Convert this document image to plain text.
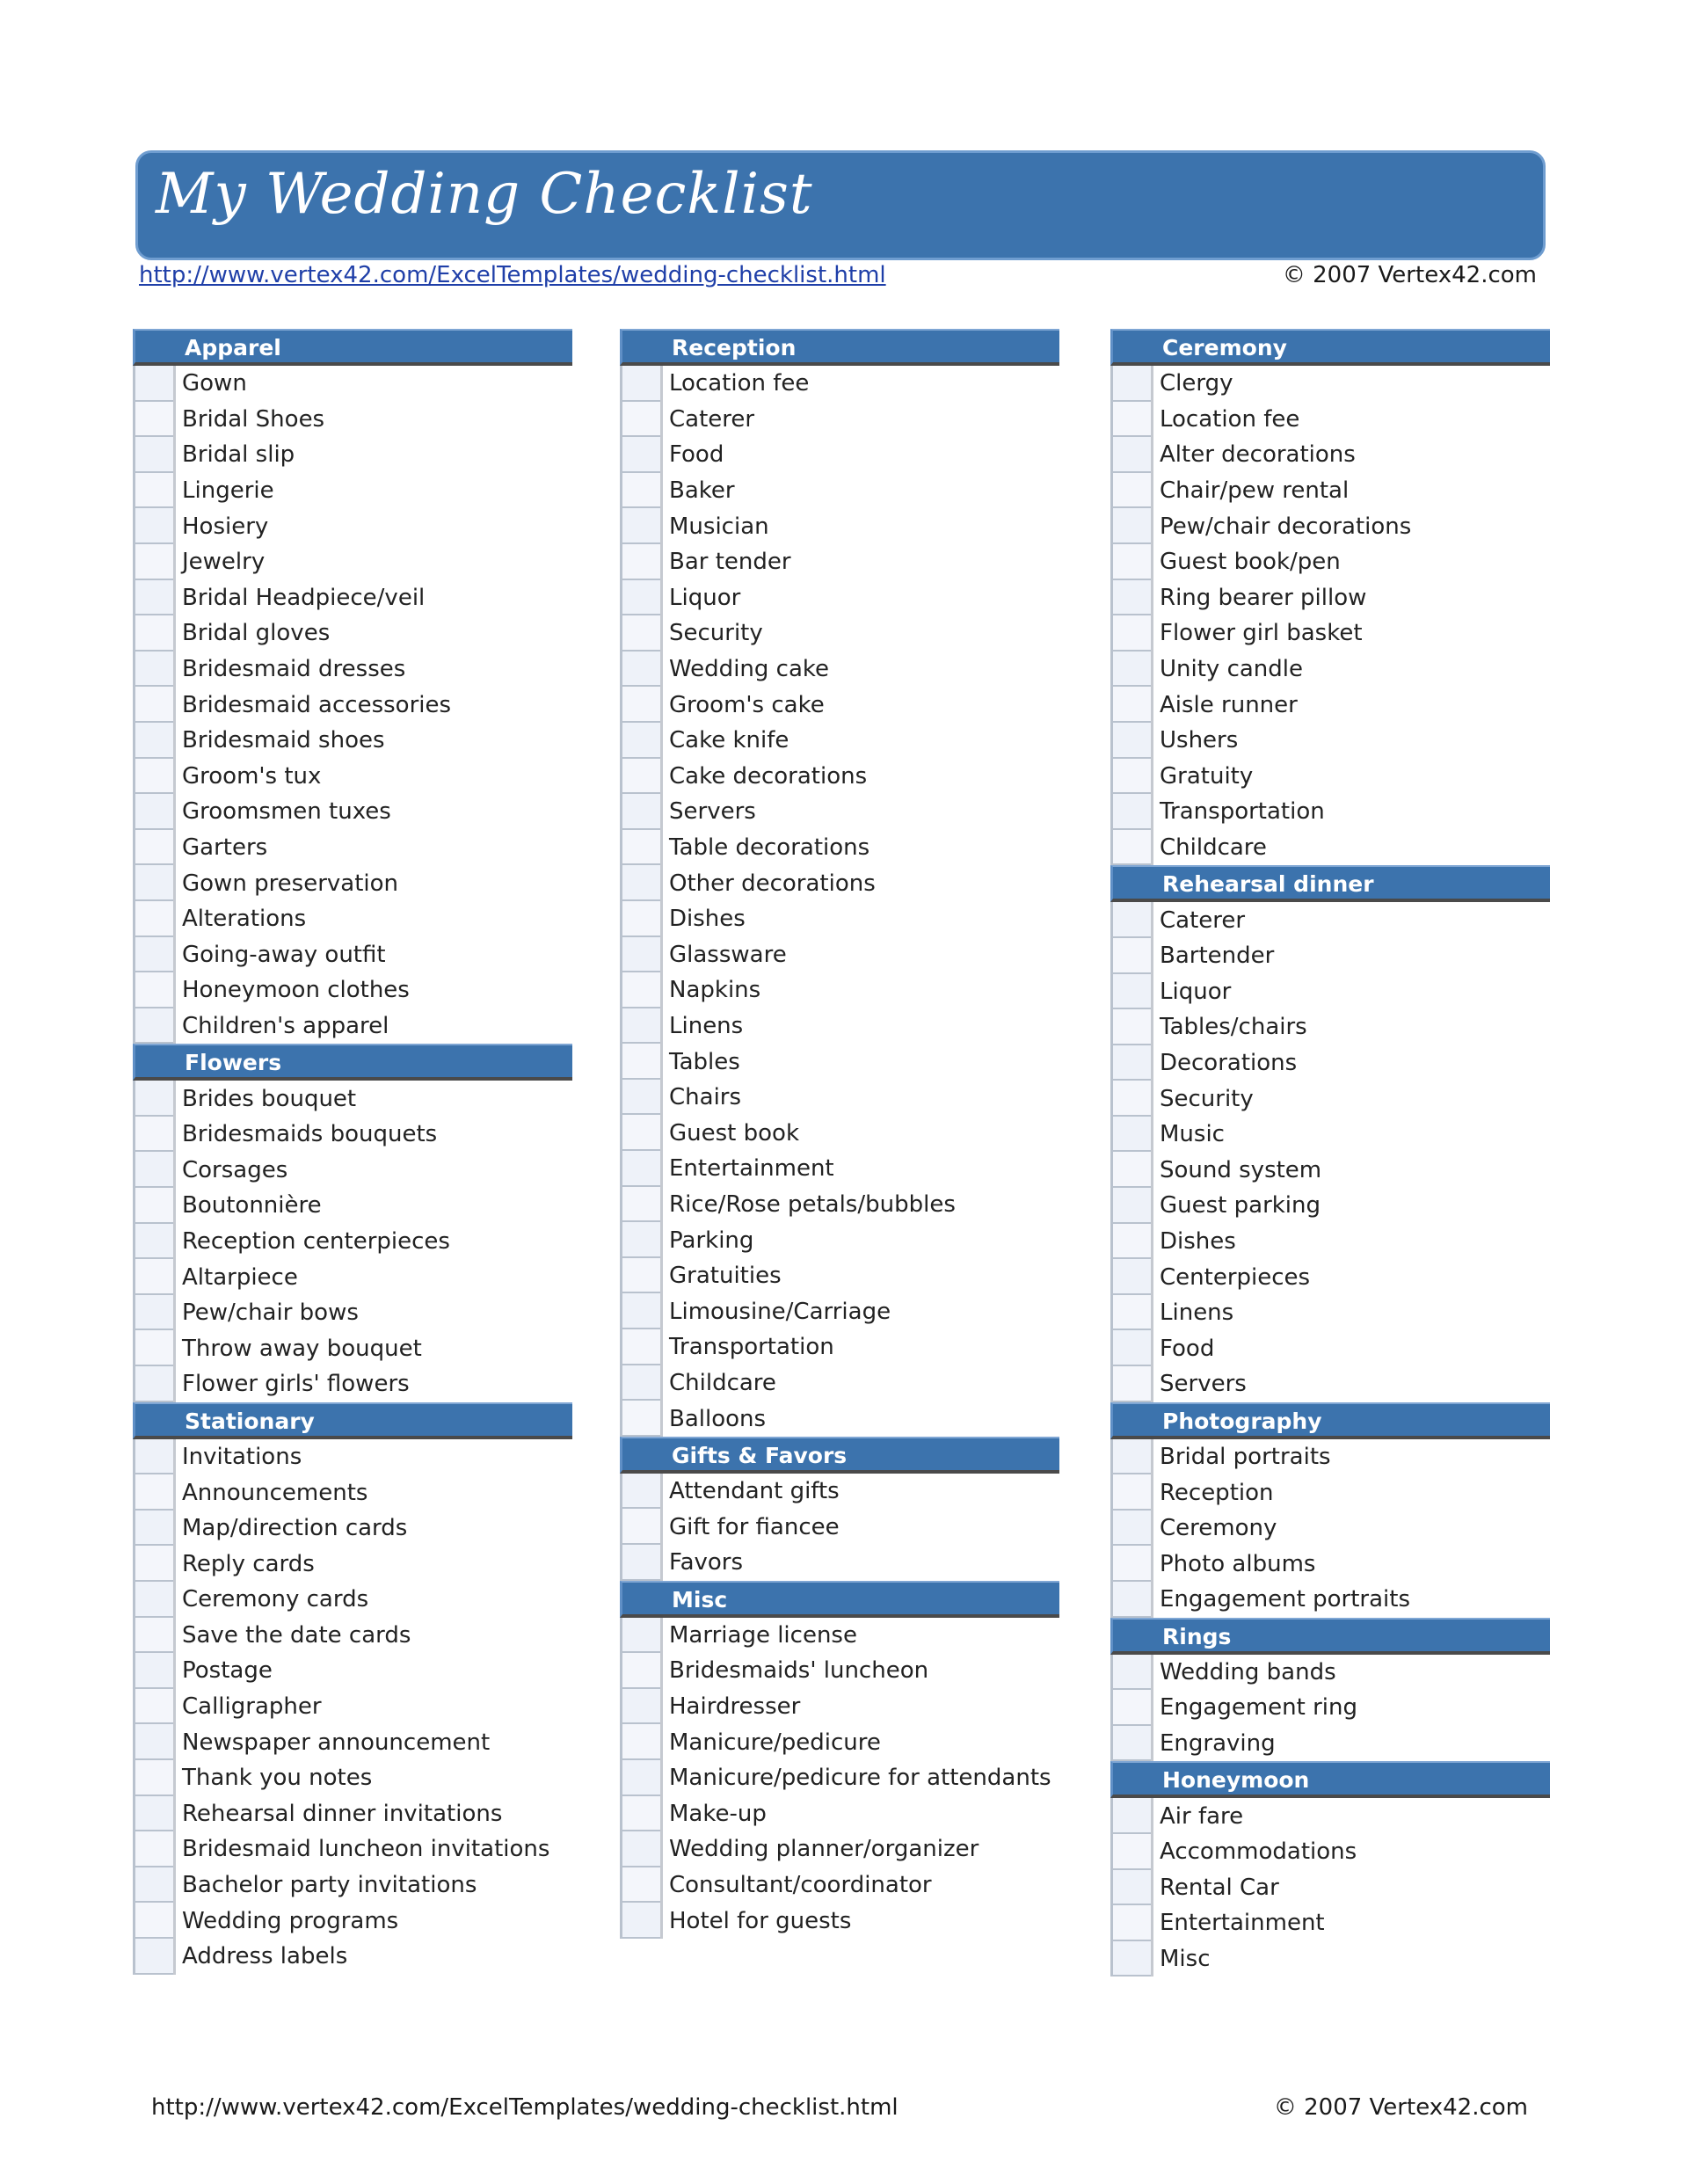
My Wedding Checklist
http://www.vertex42.com/ExcelTemplates/wedding-checklist.html	© 2007 Vertex42.com
Apparel
Gown
Bridal Shoes
Bridal slip
Lingerie
Hosiery
Jewelry
Bridal Headpiece/veil
Bridal gloves
Bridesmaid dresses
Bridesmaid accessories
Bridesmaid shoes
Groom's tux
Groomsmen tuxes
Garters
Gown preservation
Alterations
Going-away outfit
Honeymoon clothes
Children's apparel
Flowers
Brides bouquet
Bridesmaids bouquets
Corsages
Boutonnière
Reception centerpieces
Altarpiece
Pew/chair bows
Throw away bouquet
Flower girls' flowers
Stationary
Invitations
Announcements
Map/direction cards
Reply cards
Ceremony cards
Save the date cards
Postage
Calligrapher
Newspaper announcement
Thank you notes
Rehearsal dinner invitations
Bridesmaid luncheon invitations
Bachelor party invitations
Wedding programs
Address labels
Reception
Location fee
Caterer
Food
Baker
Musician
Bar tender
Liquor
Security
Wedding cake
Groom's cake
Cake knife
Cake decorations
Servers
Table decorations
Other decorations
Dishes
Glassware
Napkins
Linens
Tables
Chairs
Guest book
Entertainment
Rice/Rose petals/bubbles
Parking
Gratuities
Limousine/Carriage
Transportation
Childcare
Balloons
Gifts & Favors
Attendant gifts
Gift for fiancee
Favors
Misc
Marriage license
Bridesmaids' luncheon
Hairdresser
Manicure/pedicure
Manicure/pedicure for attendants
Make-up
Wedding planner/organizer
Consultant/coordinator
Hotel for guests
Ceremony
Clergy
Location fee
Alter decorations
Chair/pew rental
Pew/chair decorations
Guest book/pen
Ring bearer pillow
Flower girl basket
Unity candle
Aisle runner
Ushers
Gratuity
Transportation
Childcare
Rehearsal dinner
Caterer
Bartender
Liquor
Tables/chairs
Decorations
Security
Music
Sound system
Guest parking
Dishes
Centerpieces
Linens
Food
Servers
Photography
Bridal portraits
Reception
Ceremony
Photo albums
Engagement portraits
Rings
Wedding bands
Engagement ring
Engraving
Honeymoon
Air fare
Accommodations
Rental Car
Entertainment
Misc
http://www.vertex42.com/ExcelTemplates/wedding-checklist.html	© 2007 Vertex42.com
